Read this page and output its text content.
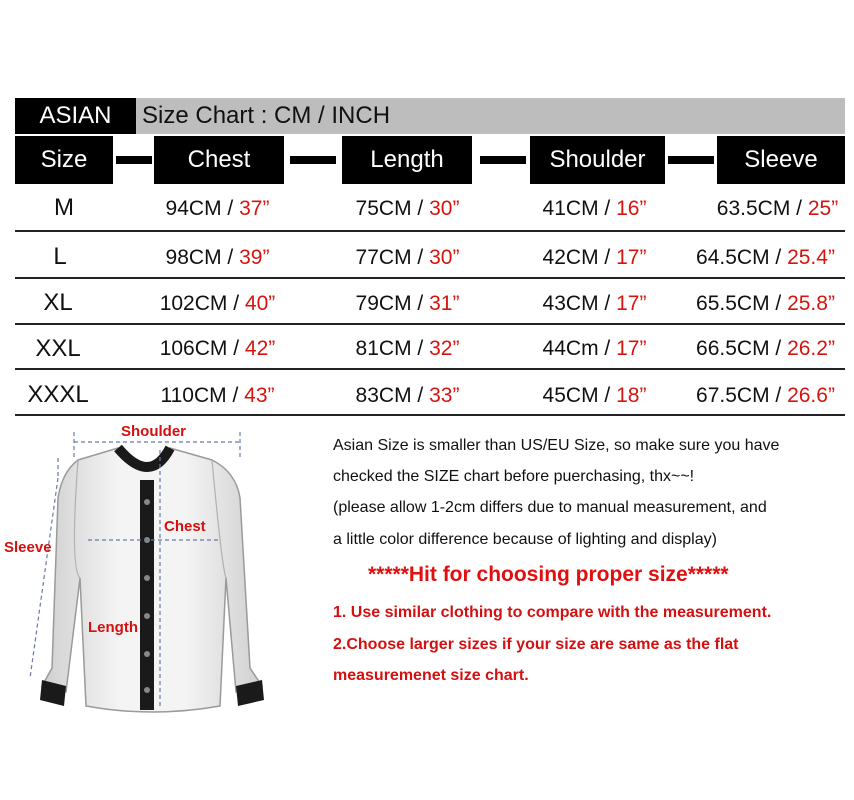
ASIAN	Size Chart : CM / INCH
Size	Chest	Length	Shoulder	Sleeve
M	94CM / 37”	75CM / 30”	41CM / 16”	63.5CM / 25”
L	98CM / 39”	77CM / 30”	42CM / 17”	64.5CM / 25.4”
XL	102CM / 40”	79CM / 31”	43CM / 17”	65.5CM / 25.8”
XXL	106CM / 42”	81CM / 32”	44Cm / 17”	66.5CM / 26.2”
XXXL	110CM / 43”	83CM / 33”	45CM / 18”	67.5CM / 26.6”
Shoulder
Chest
Sleeve
Length
Asian Size is smaller than US/EU Size, so make sure you have
checked the SIZE chart before puerchasing, thx~~!
(please allow 1-2cm differs due to manual measurement, and
a little color difference because of lighting and display)
*****Hit for choosing proper size*****
1. Use similar clothing to compare with the measurement.
2.Choose larger sizes if your size are same as the flat
measuremenet size chart.
